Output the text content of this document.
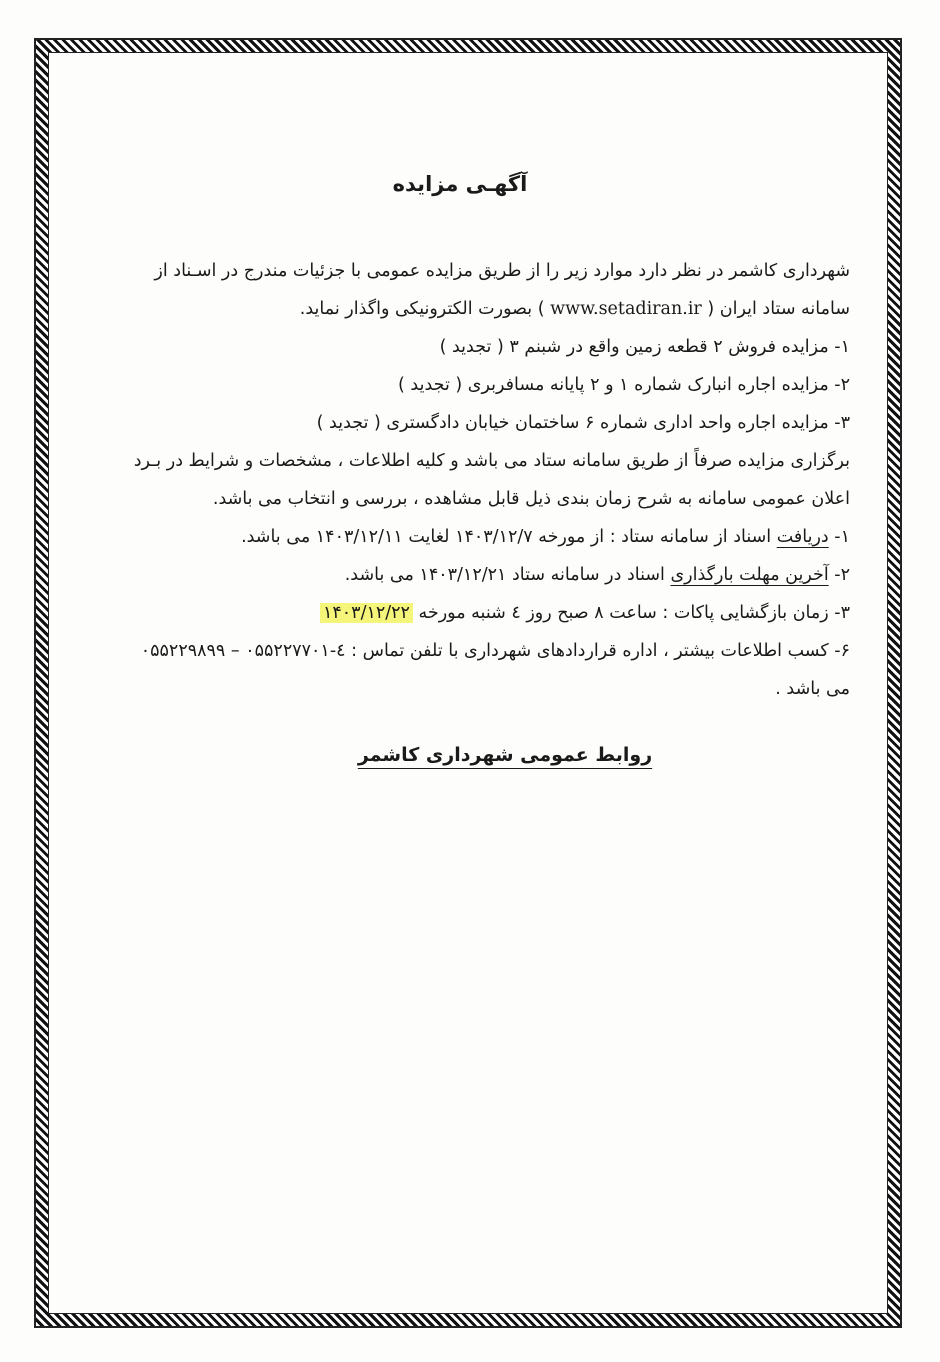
آگهـی مزایده
شهرداری کاشمر در نظر دارد موارد زیر را از طریق مزایده عمومی با جزئیات مندرج در اسـناد از
سامانه ستاد ایران ( www.setadiran.ir ) بصورت الکترونیکی واگذار نماید.
۱- مزایده فروش ۲ قطعه زمین واقع در شبنم ۳ ( تجدید )
۲- مزایده اجاره انبارک شماره ۱ و ۲ پایانه مسافربری ( تجدید )
۳- مزایده اجاره واحد اداری شماره ۶ ساختمان خیابان دادگستری ( تجدید )
برگزاری مزایده صرفاً از طریق سامانه ستاد می باشد و کلیه اطلاعات ، مشخصات و شرایط در بـرد
اعلان عمومی سامانه به شرح زمان بندی ذیل قابل مشاهده ، بررسی و انتخاب می باشد.
۱- دریافت اسناد از سامانه ستاد : از مورخه ۱۴۰۳/۱۲/۷ لغایت ۱۴۰۳/۱۲/۱۱ می باشد.
۲- آخرین مهلت بارگذاری اسناد در سامانه ستاد ۱۴۰۳/۱۲/۲۱ می باشد.
۳- زمان بازگشایی پاکات : ساعت ۸ صبح روز ٤ شنبه مورخه ۱۴۰۳/۱۲/۲۲
۶- کسب اطلاعات بیشتر ، اداره قراردادهای شهرداری با تلفن تماس : ٤-۰۵۵۲۲۷۷۰۱ – ۰۵۵۲۲۹۸۹۹
می باشد .
روابط عمومی شهرداری کاشمر
